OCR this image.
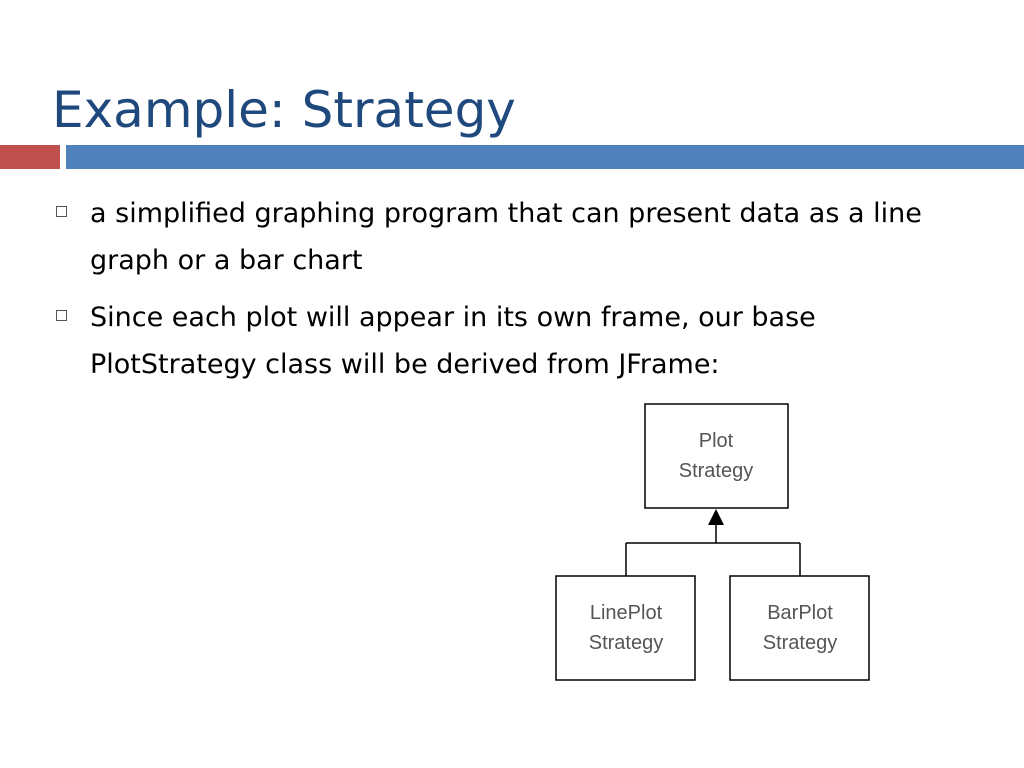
Example: Strategy
a simplified graphing program that can present data as a line graph or a bar chart
Since each plot will appear in its own frame, our base PlotStrategy class will be derived from JFrame:
Plot
Strategy
LinePlot
Strategy
BarPlot
Strategy
